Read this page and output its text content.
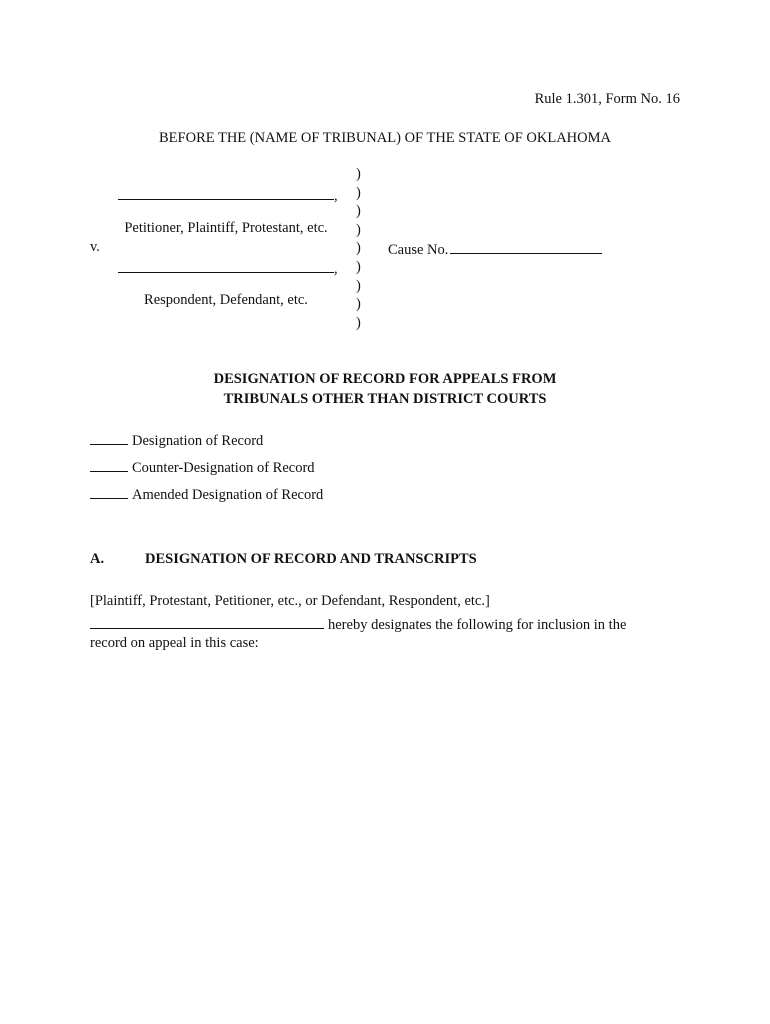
Rule 1.301, Form No. 16
BEFORE THE (NAME OF TRIBUNAL) OF THE STATE OF OKLAHOMA
,
Petitioner, Plaintiff, Protestant, etc.
v.
,
Respondent, Defendant, etc.
)
)
)
)
)
)
)
)
)
Cause No.
DESIGNATION OF RECORD FOR APPEALS FROM
TRIBUNALS OTHER THAN DISTRICT COURTS
Designation of Record
Counter-Designation of Record
Amended Designation of Record
A.	DESIGNATION OF RECORD AND TRANSCRIPTS
[Plaintiff, Protestant, Petitioner, etc., or Defendant, Respondent, etc.]
hereby designates the following for inclusion in the
record on appeal in this case:
